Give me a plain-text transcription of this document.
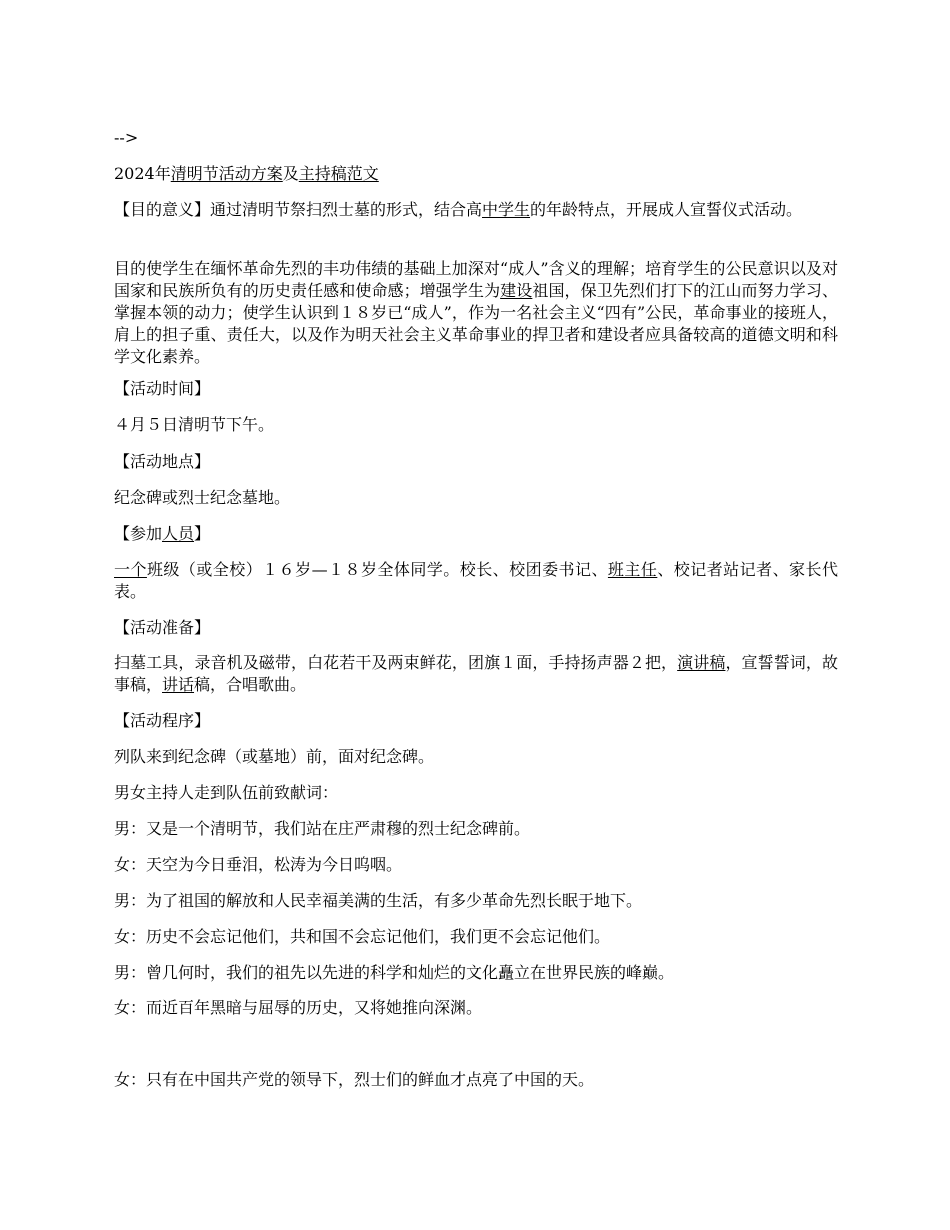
-->
2024年清明节活动方案及主持稿范文
【目的意义】通过清明节祭扫烈士墓的形式，结合高中学生的年龄特点，开展成人宣誓仪式活动。
目的使学生在缅怀革命先烈的丰功伟绩的基础上加深对“成人”含义的理解；培育学生的公民意识以及对国家和民族所负有的历史责任感和使命感；增强学生为建设祖国，保卫先烈们打下的江山而努力学习、掌握本领的动力；使学生认识到１８岁已“成人”，作为一名社会主义“四有”公民，革命事业的接班人，肩上的担子重、责任大，以及作为明天社会主义革命事业的捍卫者和建设者应具备较高的道德文明和科学文化素养。
【活动时间】
４月５日清明节下午。
【活动地点】
纪念碑或烈士纪念墓地。
【参加人员】
一个班级（或全校）１６岁—１８岁全体同学。校长、校团委书记、班主任、校记者站记者、家长代表。
【活动准备】
扫墓工具，录音机及磁带，白花若干及两束鲜花，团旗１面，手持扬声器２把，演讲稿，宣誓誓词，故事稿，讲话稿，合唱歌曲。
【活动程序】
列队来到纪念碑（或墓地）前，面对纪念碑。
男女主持人走到队伍前致献词：
男：又是一个清明节，我们站在庄严肃穆的烈士纪念碑前。
女：天空为今日垂泪，松涛为今日呜咽。
男：为了祖国的解放和人民幸福美满的生活，有多少革命先烈长眠于地下。
女：历史不会忘记他们，共和国不会忘记他们，我们更不会忘记他们。
男：曾几何时，我们的祖先以先进的科学和灿烂的文化矗立在世界民族的峰巅。
女：而近百年黑暗与屈辱的历史，又将她推向深渊。
女：只有在中国共产党的领导下，烈士们的鲜血才点亮了中国的天。
